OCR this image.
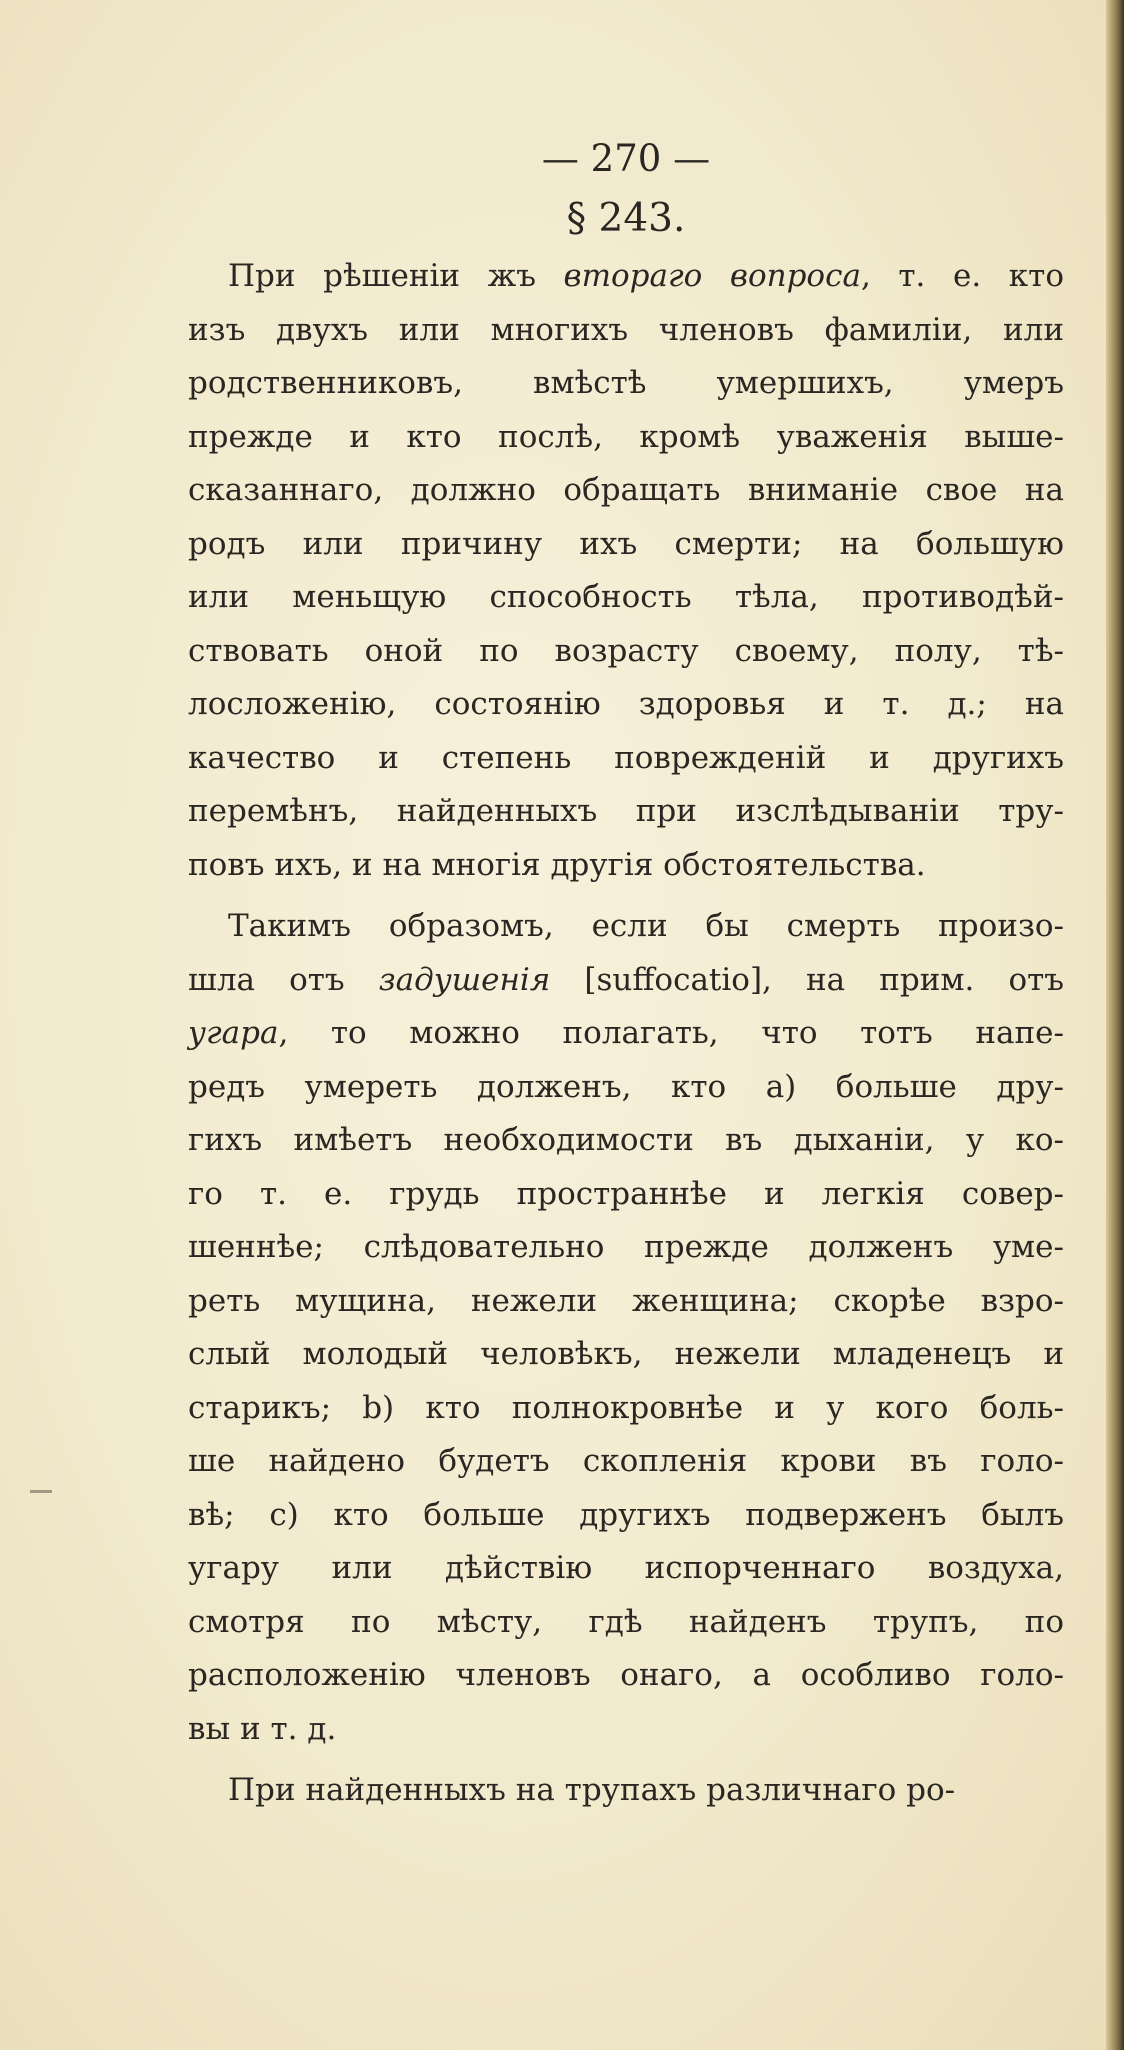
— 270 —

§ 243.

При рѣшеніи жъ втораго вопроса, т. е. кто
изъ двухъ или многихъ членовъ фамиліи, или
родственниковъ, вмѣстѣ умершихъ, умеръ
прежде и кто послѣ, кромѣ уваженія выше-
сказаннаго, должно обращать вниманіе свое на
родъ или причину ихъ смерти; на большую
или меньщую способность тѣла, противодѣй-
ствовать оной по возрасту своему, полу, тѣ-
лосложенію, состоянію здоровья и т. д.; на
качество и степень поврежденій и другихъ
перемѣнъ, найденныхъ при изслѣдываніи тру-
повъ ихъ, и на многія другія обстоятельства.
Такимъ образомъ, если бы смерть произо-
шла отъ задушенія [suffocatio], на прим. отъ
угара, то можно полагать, что тотъ напе-
редъ умереть долженъ, кто a) больше дру-
гихъ имѣетъ необходимости въ дыханіи, у ко-
го т. е. грудь пространнѣе и легкія совер-
шеннѣе; слѣдовательно прежде долженъ уме-
реть мущина, нежели женщина; скорѣе взро-
слый молодый человѣкъ, нежели младенецъ и
старикъ; b) кто полнокровнѣе и у кого боль-
ше найдено будетъ скопленія крови въ голо-
вѣ; c) кто больше другихъ подверженъ былъ
угару или дѣйствію испорченнаго воздуха,
смотря по мѣсту, гдѣ найденъ трупъ, по
расположенію членовъ онаго, а особливо голо-
вы и т. д.
При найденныхъ на трупахъ различнаго ро-
